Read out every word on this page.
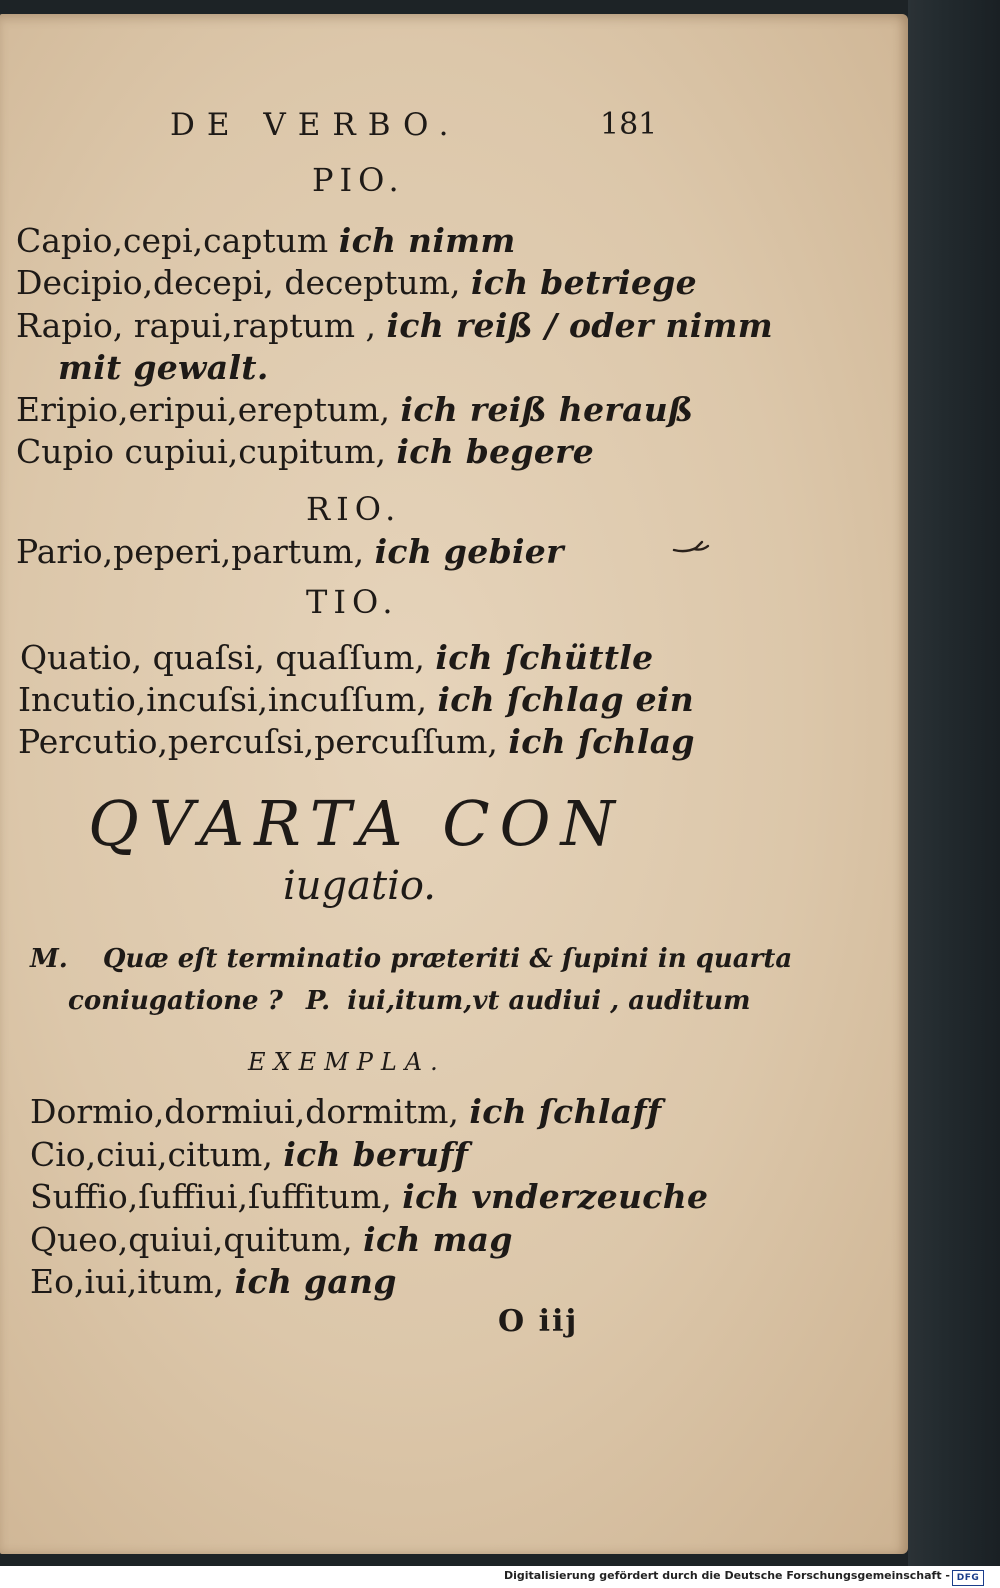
DE VERBO.	181
PIO.
Capio,cepi,captum ich nimm
Decipio,decepi, deceptum, ich betriege
Rapio, rapui,raptum , ich reiß / oder nimm
mit gewalt.
Eripio,eripui,ereptum, ich reiß herauß
Cupio cupiui,cupitum, ich begere
RIO.
Pario,peperi,partum, ich gebier
TIO.
Quatio, quaſsi, quaſſum, ich ſchüttle
Incutio,incuſsi,incuſſum, ich ſchlag ein
Percutio,percuſsi,percuſſum, ich ſchlag
QVARTA CON
iugatio.
M. Quæ eſt terminatio præteriti & ſupini in quarta
coniugatione ? P. iui,itum,vt audiui , auditum
EXEMPLA.
Dormio,dormiui,dormitm, ich ſchlaff
Cio,ciui,citum, ich beruff
Suffio,ſuffiui,ſuffitum, ich vnderzeuche
Queo,quiui,quitum, ich mag
Eo,iui,itum, ich gang
O iij
Digitalisierung gefördert durch die Deutsche Forschungsgemeinschaft - DFG
